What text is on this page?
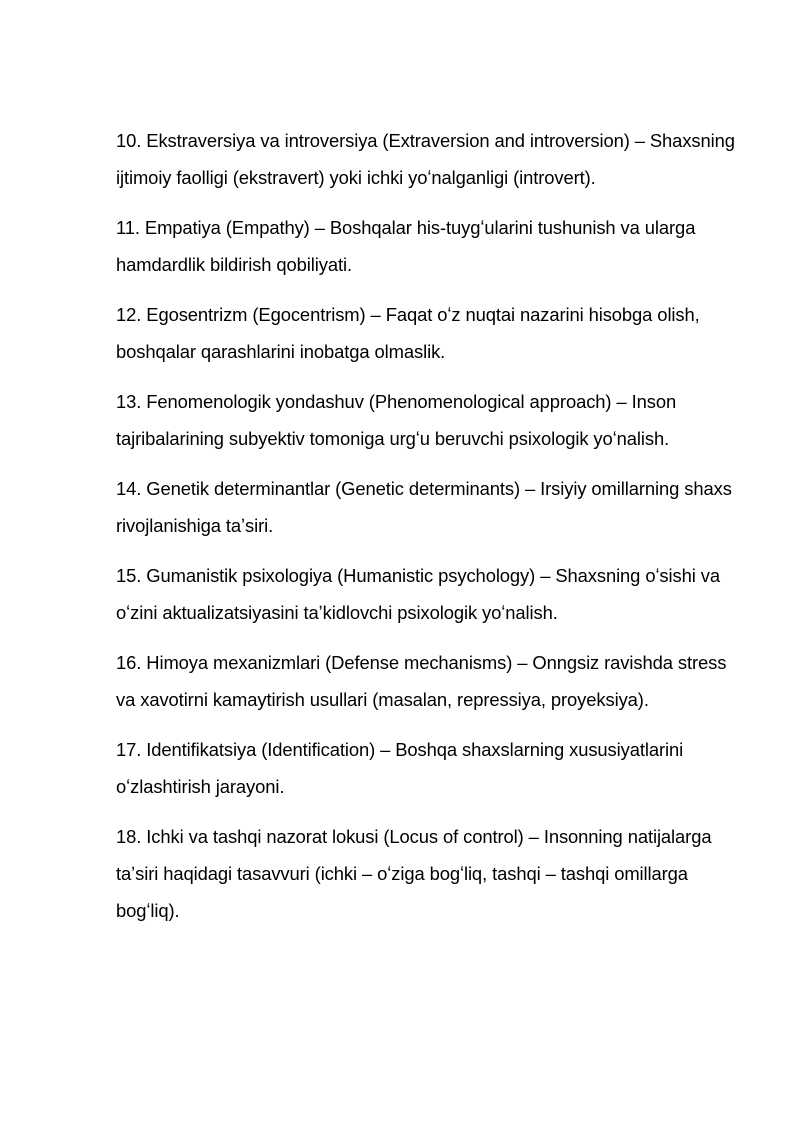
10. Ekstraversiya va introversiya (Extraversion and introversion) – Shaxsning ijtimoiy faolligi (ekstravert) yoki ichki yoʻnalganligi (introvert).

11. Empatiya (Empathy) – Boshqalar his-tuygʻularini tushunish va ularga hamdardlik bildirish qobiliyati.

12. Egosentrizm (Egocentrism) – Faqat oʻz nuqtai nazarini hisobga olish, boshqalar qarashlarini inobatga olmaslik.

13. Fenomenologik yondashuv (Phenomenological approach) – Inson tajribalarining subyektiv tomoniga urgʻu beruvchi psixologik yoʻnalish.

14. Genetik determinantlar (Genetic determinants) – Irsiyiy omillarning shaxs rivojlanishiga taʼsiri.

15. Gumanistik psixologiya (Humanistic psychology) – Shaxsning oʻsishi va oʻzini aktualizatsiyasini taʼkidlovchi psixologik yoʻnalish.

16. Himoya mexanizmlari (Defense mechanisms) – Onngsiz ravishda stress va xavotirni kamaytirish usullari (masalan, repressiya, proyeksiya).

17. Identifikatsiya (Identification) – Boshqa shaxslarning xususiyatlarini oʻzlashtirish jarayoni.

18. Ichki va tashqi nazorat lokusi (Locus of control) – Insonning natijalarga taʼsiri haqidagi tasavvuri (ichki – oʻziga bogʻliq, tashqi – tashqi omillarga bogʻliq).
